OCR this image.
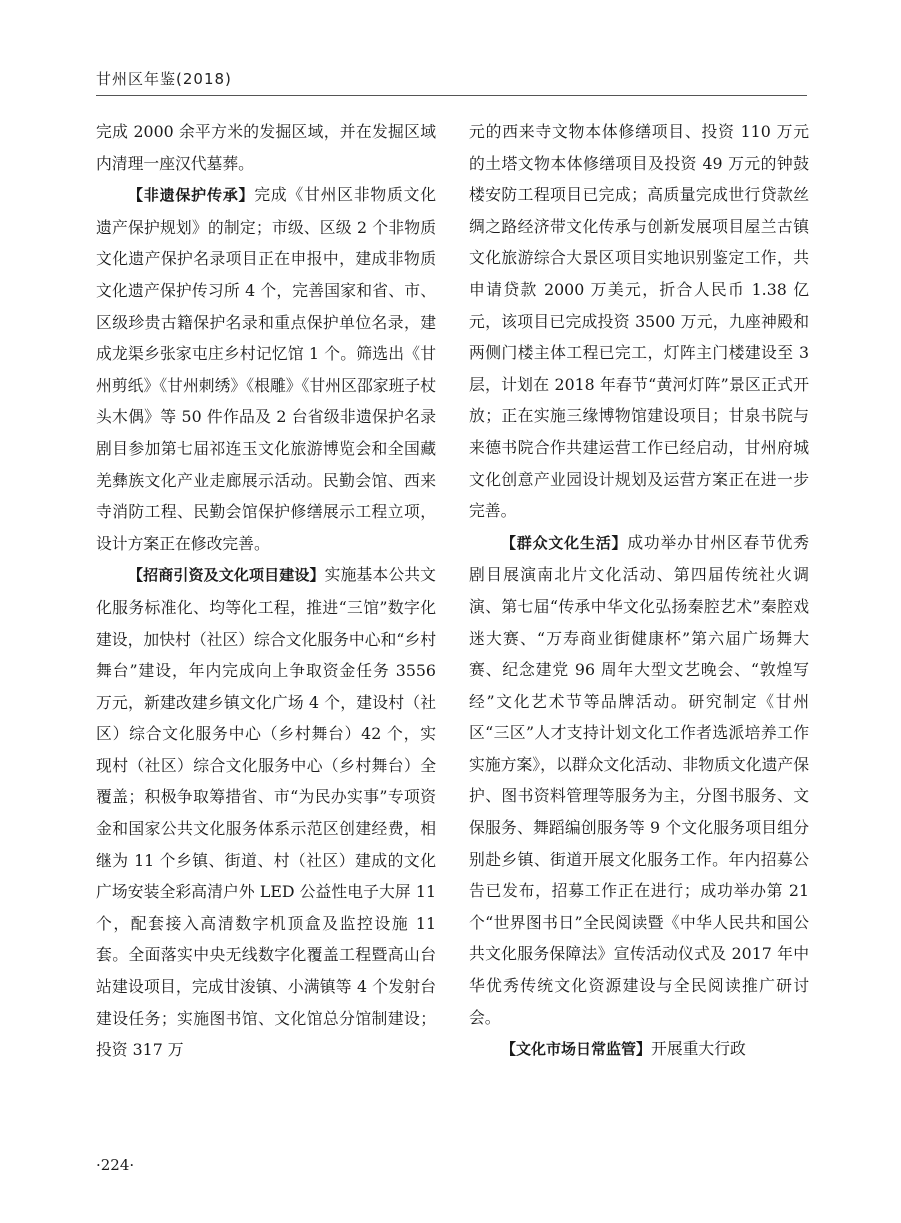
甘州区年鉴(2018)

完成 2000 余平方米的发掘区域，并在发掘区域内清理一座汉代墓葬。

【非遗保护传承】完成《甘州区非物质文化遗产保护规划》的制定；市级、区级 2 个非物质文化遗产保护名录项目正在申报中，建成非物质文化遗产保护传习所 4 个，完善国家和省、市、区级珍贵古籍保护名录和重点保护单位名录，建成龙渠乡张家屯庄乡村记忆馆 1 个。筛选出《甘州剪纸》《甘州刺绣》《根雕》《甘州区邵家班子杖头木偶》等 50 件作品及 2 台省级非遗保护名录剧目参加第七届祁连玉文化旅游博览会和全国藏羌彝族文化产业走廊展示活动。民勤会馆、西来寺消防工程、民勤会馆保护修缮展示工程立项，设计方案正在修改完善。

【招商引资及文化项目建设】实施基本公共文化服务标准化、均等化工程，推进“三馆”数字化建设，加快村（社区）综合文化服务中心和“乡村舞台”建设，年内完成向上争取资金任务 3556 万元，新建改建乡镇文化广场 4 个，建设村（社区）综合文化服务中心（乡村舞台）42 个，实现村（社区）综合文化服务中心（乡村舞台）全覆盖；积极争取筹措省、市“为民办实事”专项资金和国家公共文化服务体系示范区创建经费，相继为 11 个乡镇、街道、村（社区）建成的文化广场安装全彩高清户外 LED 公益性电子大屏 11 个，配套接入高清数字机顶盒及监控设施 11 套。全面落实中央无线数字化覆盖工程暨高山台站建设项目，完成甘浚镇、小满镇等 4 个发射台建设任务；实施图书馆、文化馆总分馆制建设；投资 317 万

元的西来寺文物本体修缮项目、投资 110 万元的土塔文物本体修缮项目及投资 49 万元的钟鼓楼安防工程项目已完成；高质量完成世行贷款丝绸之路经济带文化传承与创新发展项目屋兰古镇文化旅游综合大景区项目实地识别鉴定工作，共申请贷款 2000 万美元，折合人民币 1.38 亿元，该项目已完成投资 3500 万元，九座神殿和两侧门楼主体工程已完工，灯阵主门楼建设至 3 层，计划在 2018 年春节“黄河灯阵”景区正式开放；正在实施三缘博物馆建设项目；甘泉书院与来德书院合作共建运营工作已经启动，甘州府城文化创意产业园设计规划及运营方案正在进一步完善。

【群众文化生活】成功举办甘州区春节优秀剧目展演南北片文化活动、第四届传统社火调演、第七届“传承中华文化弘扬秦腔艺术”秦腔戏迷大赛、“万寿商业街健康杯”第六届广场舞大赛、纪念建党 96 周年大型文艺晚会、“敦煌写经”文化艺术节等品牌活动。研究制定《甘州区“三区”人才支持计划文化工作者选派培养工作实施方案》，以群众文化活动、非物质文化遗产保护、图书资料管理等服务为主，分图书服务、文保服务、舞蹈编创服务等 9 个文化服务项目组分别赴乡镇、街道开展文化服务工作。年内招募公告已发布，招募工作正在进行；成功举办第 21 个“世界图书日”全民阅读暨《中华人民共和国公共文化服务保障法》宣传活动仪式及 2017 年中华优秀传统文化资源建设与全民阅读推广研讨会。

【文化市场日常监管】开展重大行政

·224·
